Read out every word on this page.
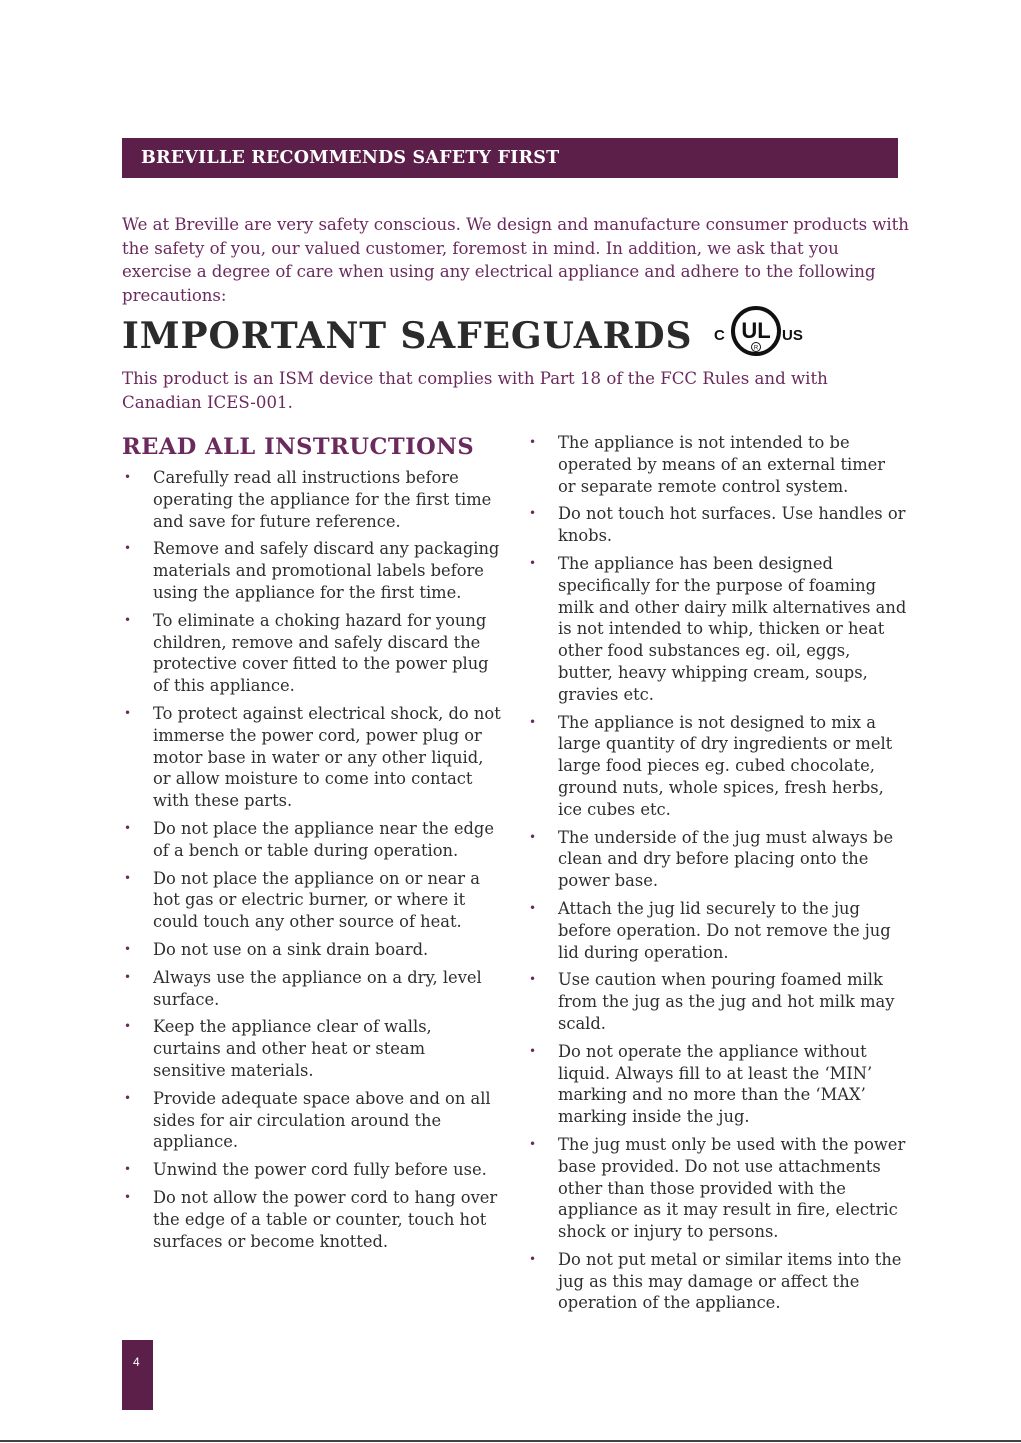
BREVILLE RECOMMENDS SAFETY FIRST

We at Breville are very safety conscious. We design and manufacture consumer products with the safety of you, our valued customer, foremost in mind. In addition, we ask that you exercise a degree of care when using any electrical appliance and adhere to the following precautions:

IMPORTANT SAFEGUARDS C UL
R
US

This product is an ISM device that complies with Part 18 of the FCC Rules and with Canadian ICES-001.

READ ALL INSTRUCTIONS
• Carefully read all instructions before operating the appliance for the first time and save for future reference.
• Remove and safely discard any packaging materials and promotional labels before using the appliance for the first time.
• To eliminate a choking hazard for young children, remove and safely discard the protective cover fitted to the power plug of this appliance.
• To protect against electrical shock, do not immerse the power cord, power plug or motor base in water or any other liquid, or allow moisture to come into contact with these parts.
• Do not place the appliance near the edge of a bench or table during operation.
• Do not place the appliance on or near a hot gas or electric burner, or where it could touch any other source of heat.
• Do not use on a sink drain board.
• Always use the appliance on a dry, level surface.
• Keep the appliance clear of walls, curtains and other heat or steam sensitive materials.
• Provide adequate space above and on all sides for air circulation around the appliance.
• Unwind the power cord fully before use.
• Do not allow the power cord to hang over the edge of a table or counter, touch hot surfaces or become knotted.
• The appliance is not intended to be operated by means of an external timer or separate remote control system.
• Do not touch hot surfaces. Use handles or knobs.
• The appliance has been designed specifically for the purpose of foaming milk and other dairy milk alternatives and is not intended to whip, thicken or heat other food substances eg. oil, eggs, butter, heavy whipping cream, soups, gravies etc.
• The appliance is not designed to mix a large quantity of dry ingredients or melt large food pieces eg. cubed chocolate, ground nuts, whole spices, fresh herbs, ice cubes etc.
• The underside of the jug must always be clean and dry before placing onto the power base.
• Attach the jug lid securely to the jug before operation. Do not remove the jug lid during operation.
• Use caution when pouring foamed milk from the jug as the jug and hot milk may scald.
• Do not operate the appliance without liquid. Always fill to at least the ‘MIN’ marking and no more than the ‘MAX’ marking inside the jug.
• The jug must only be used with the power base provided. Do not use attachments other than those provided with the appliance as it may result in fire, electric shock or injury to persons.
• Do not put metal or similar items into the jug as this may damage or affect the operation of the appliance.
4
